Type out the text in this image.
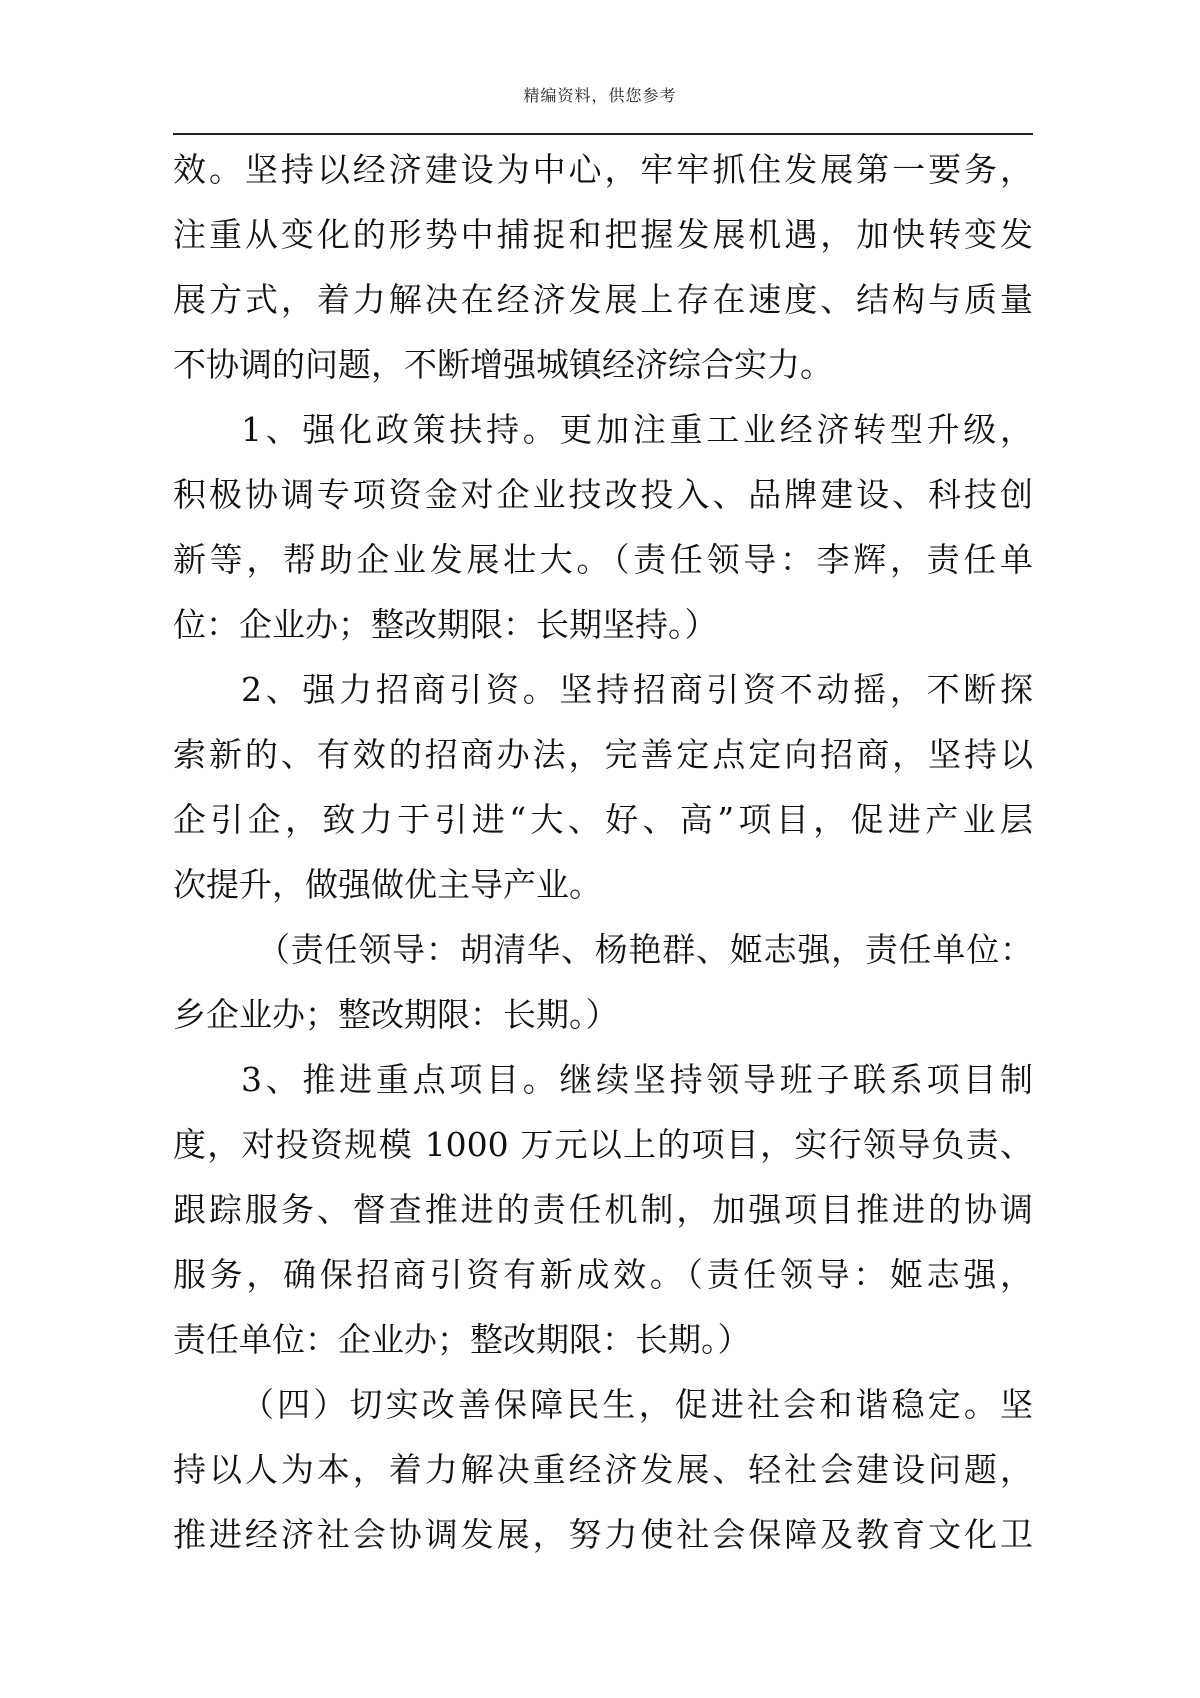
精编资料，供您参考
效。坚持以经济建设为中心，牢牢抓住发展第一要务，
注重从变化的形势中捕捉和把握发展机遇，加快转变发
展方式，着力解决在经济发展上存在速度、结构与质量
不协调的问题，不断增强城镇经济综合实力。
1、强化政策扶持。更加注重工业经济转型升级，
积极协调专项资金对企业技改投入、品牌建设、科技创
新等，帮助企业发展壮大。（责任领导：李辉，责任单
位：企业办；整改期限：长期坚持。）
2、强力招商引资。坚持招商引资不动摇，不断探
索新的、有效的招商办法，完善定点定向招商，坚持以
企引企，致力于引进“大、好、高”项目，促进产业层
次提升，做强做优主导产业。
（责任领导：胡清华、杨艳群、姬志强，责任单位：
乡企业办；整改期限：长期。）
3、推进重点项目。继续坚持领导班子联系项目制
度，对投资规模 1000 万元以上的项目，实行领导负责、
跟踪服务、督查推进的责任机制，加强项目推进的协调
服务，确保招商引资有新成效。（责任领导：姬志强，
责任单位：企业办；整改期限：长期。）
（四）切实改善保障民生，促进社会和谐稳定。坚
持以人为本，着力解决重经济发展、轻社会建设问题，
推进经济社会协调发展，努力使社会保障及教育文化卫
